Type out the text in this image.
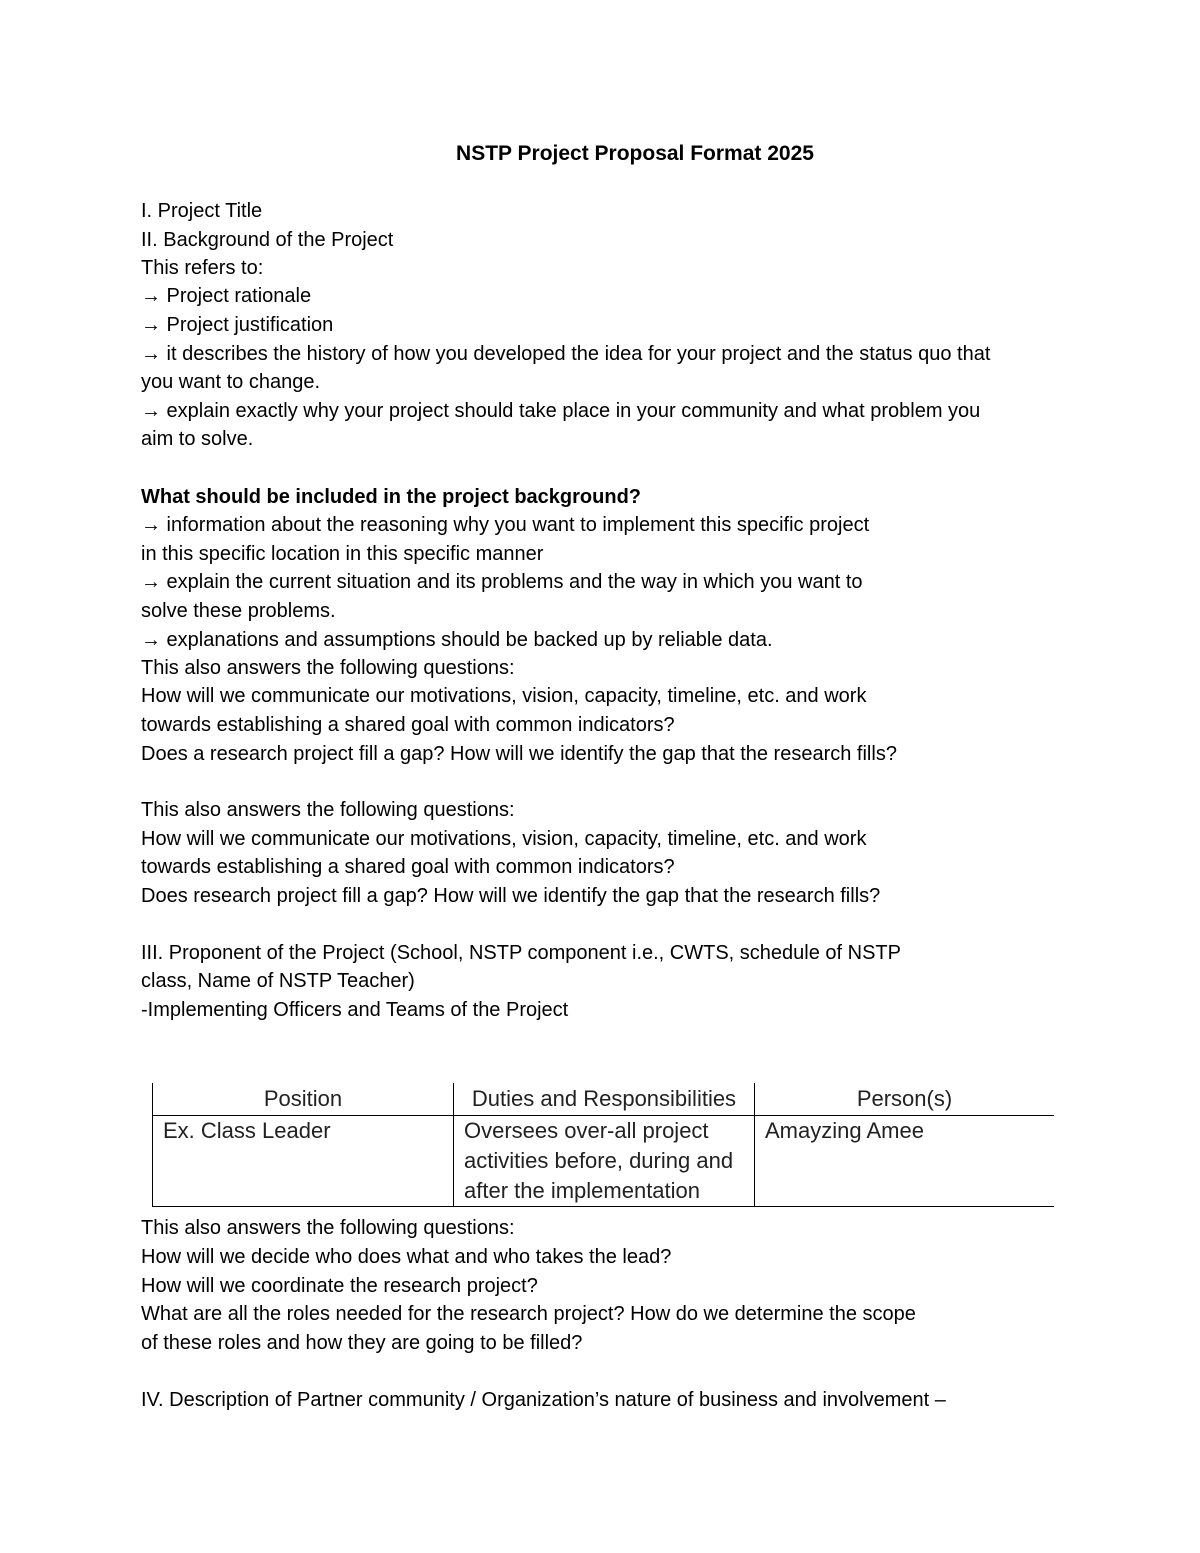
NSTP Project Proposal Format 2025
I. Project Title
II. Background of the Project
This refers to:
→ Project rationale
→ Project justification
→ it describes the history of how you developed the idea for your project and the status quo that
you want to change.
→ explain exactly why your project should take place in your community and what problem you
aim to solve.
What should be included in the project background?
→ information about the reasoning why you want to implement this specific project
in this specific location in this specific manner
→ explain the current situation and its problems and the way in which you want to
solve these problems.
→ explanations and assumptions should be backed up by reliable data.
This also answers the following questions:
How will we communicate our motivations, vision, capacity, timeline, etc. and work
towards establishing a shared goal with common indicators?
Does a research project fill a gap? How will we identify the gap that the research fills?
This also answers the following questions:
How will we communicate our motivations, vision, capacity, timeline, etc. and work
towards establishing a shared goal with common indicators?
Does research project fill a gap? How will we identify the gap that the research fills?
III. Proponent of the Project (School, NSTP component i.e., CWTS, schedule of NSTP
class, Name of NSTP Teacher)
-Implementing Officers and Teams of the Project
Position	Duties and Responsibilities	Person(s)
Ex. Class Leader	Oversees over-all project
activities before, during and
after the implementation	Amayzing Amee
This also answers the following questions:
How will we decide who does what and who takes the lead?
How will we coordinate the research project?
What are all the roles needed for the research project? How do we determine the scope
of these roles and how they are going to be filled?
IV. Description of Partner community / Organization’s nature of business and involvement –
